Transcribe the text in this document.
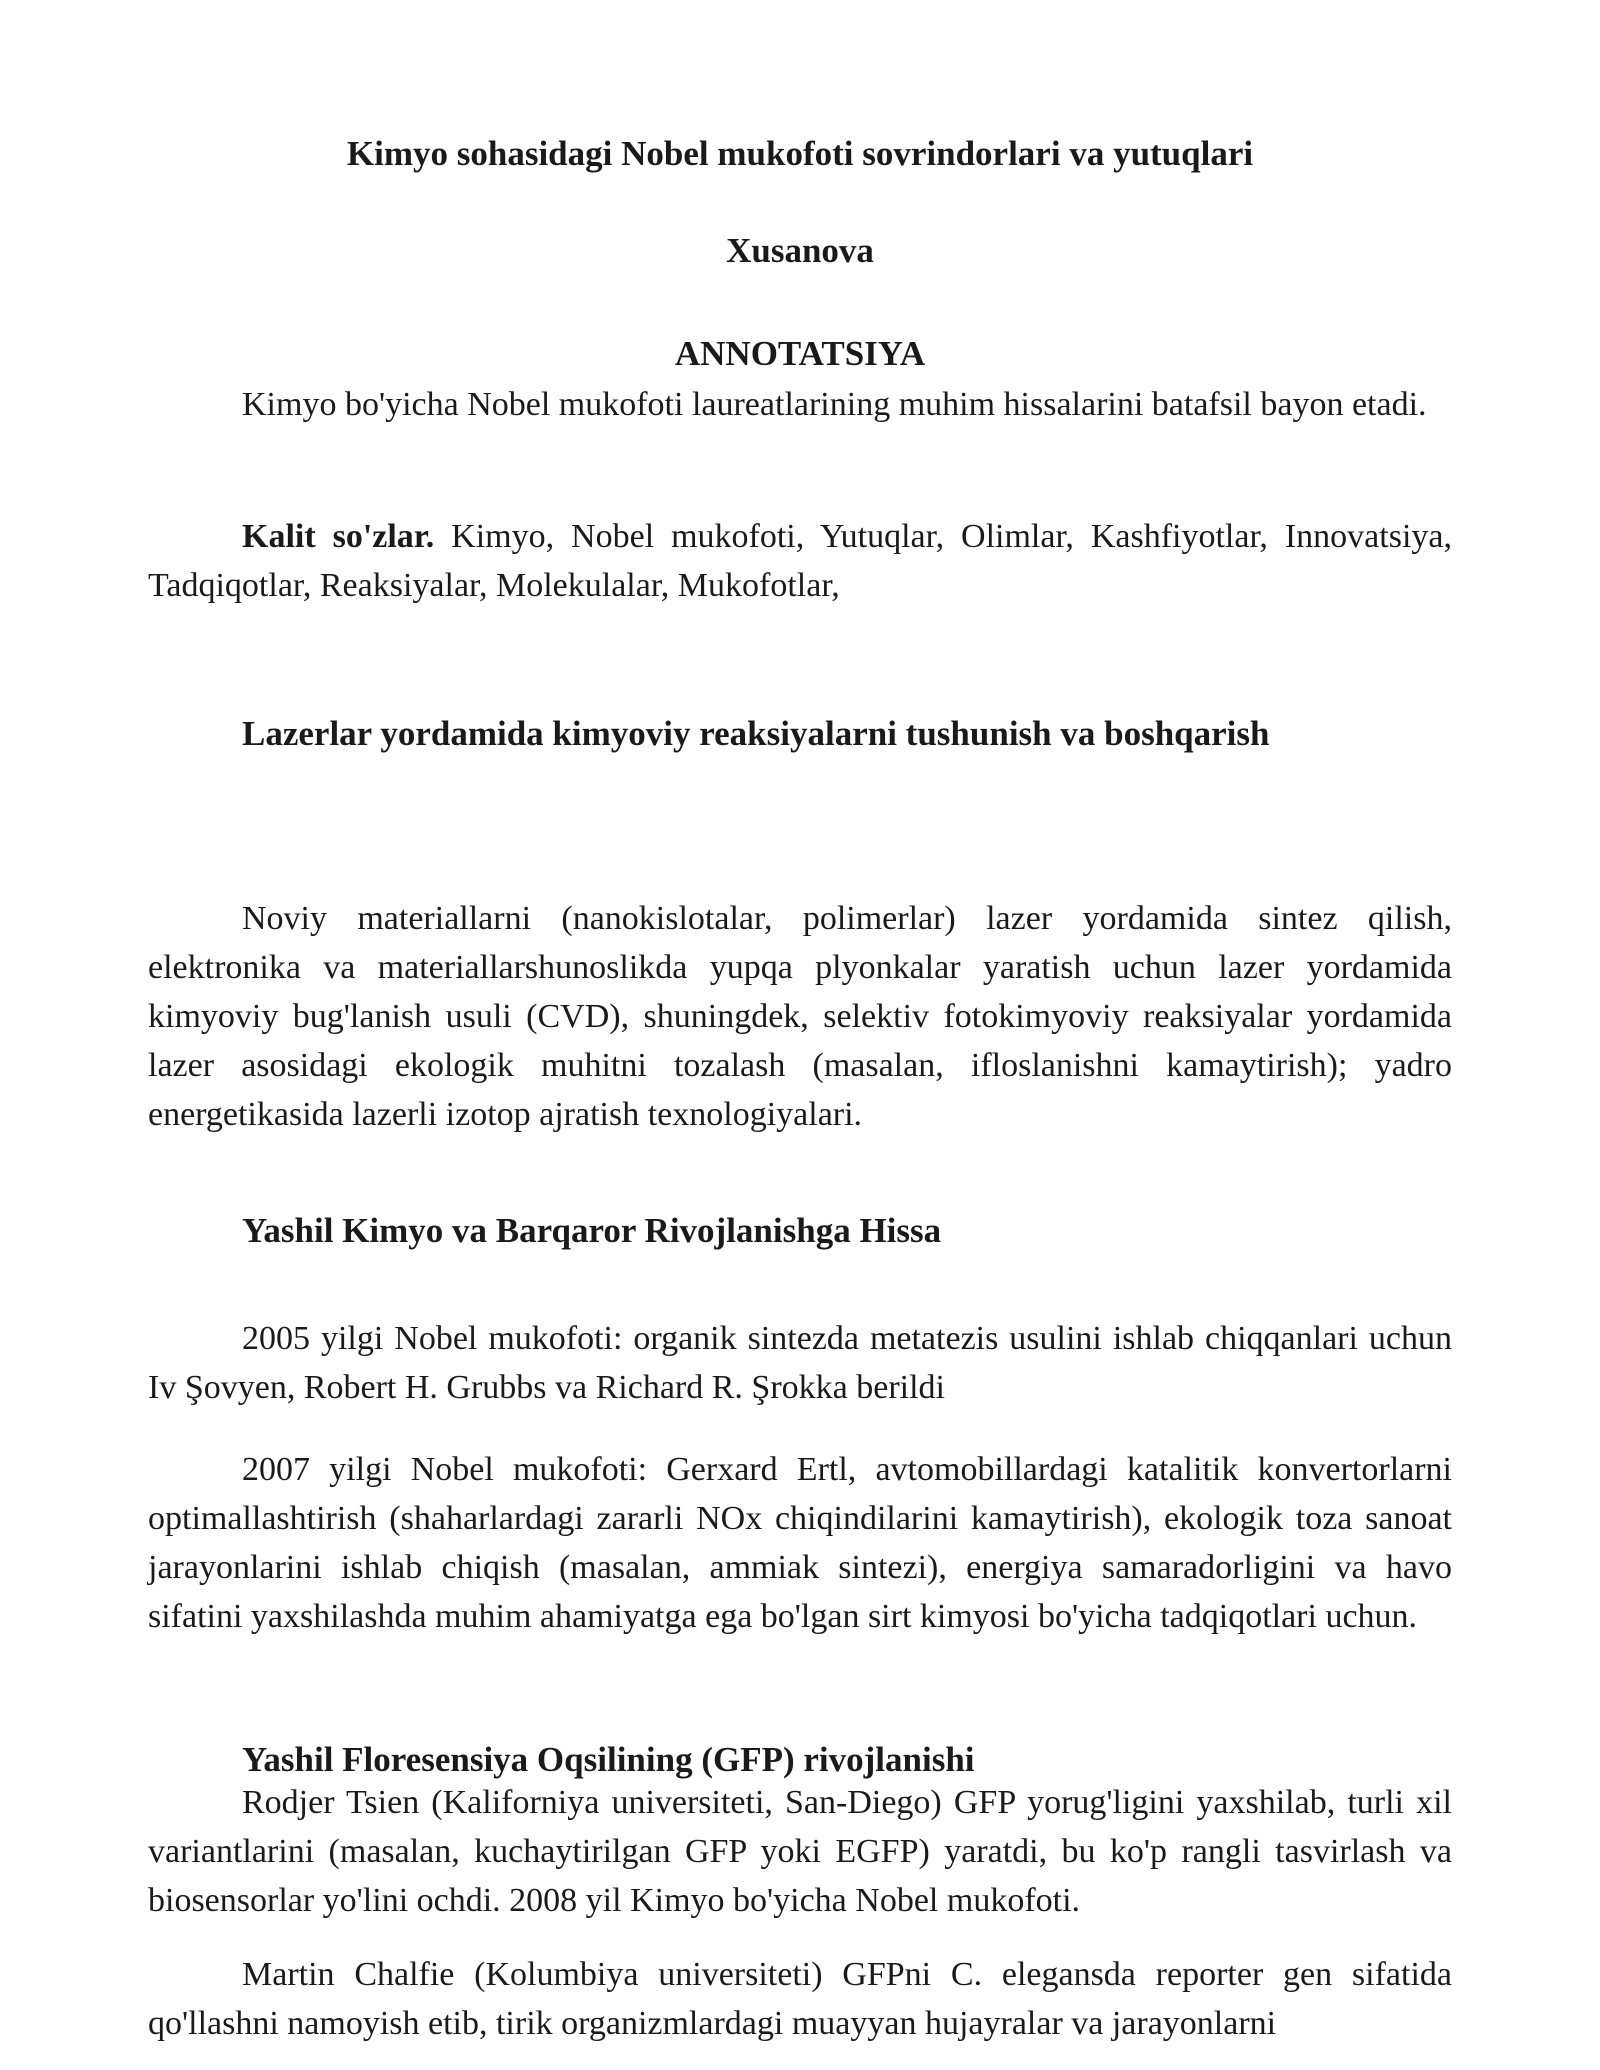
Kimyo sohasidagi Nobel mukofoti sovrindorlari va yutuqlari
Xusanova
ANNOTATSIYA
Kimyo bo'yicha Nobel mukofoti laureatlarining muhim hissalarini batafsil bayon etadi.
Kalit so'zlar. Kimyo, Nobel mukofoti, Yutuqlar, Olimlar, Kashfiyotlar, Innovatsiya, Tadqiqotlar, Reaksiyalar, Molekulalar, Mukofotlar,
Lazerlar yordamida kimyoviy reaksiyalarni tushunish va boshqarish
Noviy materiallarni (nanokislotalar, polimerlar) lazer yordamida sintez qilish, elektronika va materiallarshunoslikda yupqa plyonkalar yaratish uchun lazer yordamida kimyoviy bug'lanish usuli (CVD), shuningdek, selektiv fotokimyoviy reaksiyalar yordamida lazer asosidagi ekologik muhitni tozalash (masalan, ifloslanishni kamaytirish); yadro energetikasida lazerli izotop ajratish texnologiyalari.
Yashil Kimyo va Barqaror Rivojlanishga Hissa
2005 yilgi Nobel mukofoti: organik sintezda metatezis usulini ishlab chiqqanlari uchun Iv Şovyen, Robert H. Grubbs va Richard R. Şrokka berildi
2007 yilgi Nobel mukofoti: Gerxard Ertl, avtomobillardagi katalitik konvertorlarni optimallashtirish (shaharlardagi zararli NOx chiqindilarini kamaytirish), ekologik toza sanoat jarayonlarini ishlab chiqish (masalan, ammiak sintezi), energiya samaradorligini va havo sifatini yaxshilashda muhim ahamiyatga ega bo'lgan sirt kimyosi bo'yicha tadqiqotlari uchun.
Yashil Floresensiya Oqsilining (GFP) rivojlanishi
Rodjer Tsien (Kaliforniya universiteti, San-Diego) GFP yorug'ligini yaxshilab, turli xil variantlarini (masalan, kuchaytirilgan GFP yoki EGFP) yaratdi, bu ko'p rangli tasvirlash va biosensorlar yo'lini ochdi. 2008 yil Kimyo bo'yicha Nobel mukofoti.
Martin Chalfie (Kolumbiya universiteti) GFPni C. elegansda reporter gen sifatida qo'llashni namoyish etib, tirik organizmlardagi muayyan hujayralar va jarayonlarni
